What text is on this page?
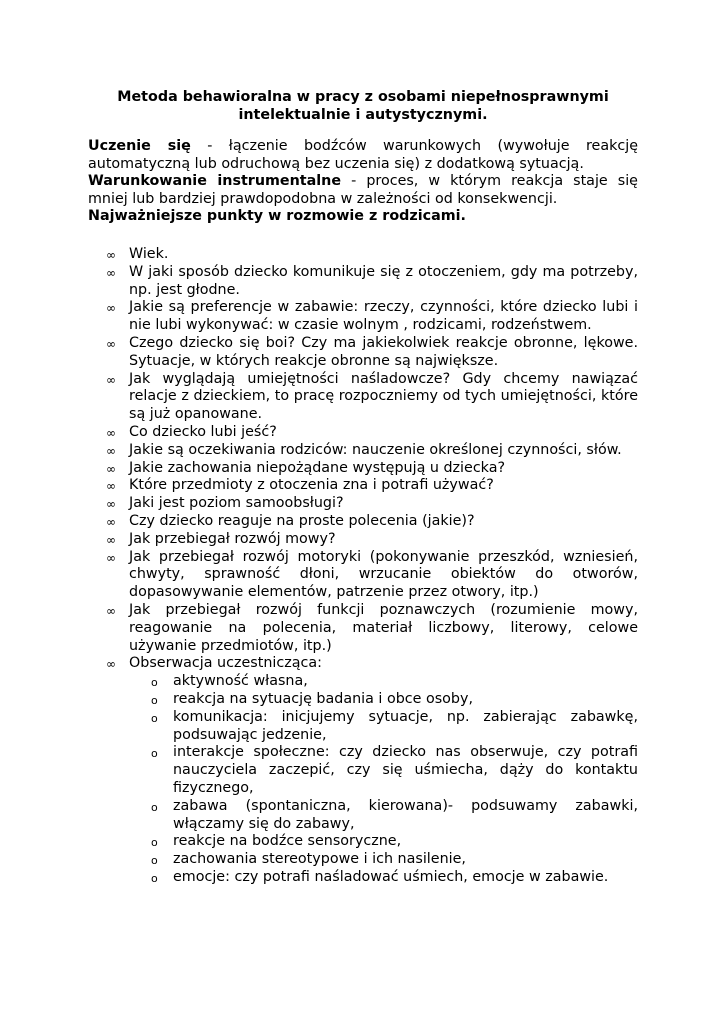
Metoda behawioralna w pracy z osobami niepełnosprawnymi
intelektualnie i autystycznymi.

Uczenie się - łączenie bodźców warunkowych (wywołuje reakcję automatyczną lub odruchową bez uczenia się) z dodatkową sytuacją.

Warunkowanie instrumentalne - proces, w którym reakcja staje się mniej lub bardziej prawdopodobna w zależności od konsekwencji.

Najważniejsze punkty w rozmowie z rodzicami.

∞ Wiek.
∞ W jaki sposób dziecko komunikuje się z otoczeniem, gdy ma potrzeby, np. jest głodne.
∞ Jakie są preferencje w zabawie: rzeczy, czynności, które dziecko lubi i nie lubi wykonywać: w czasie wolnym , rodzicami, rodzeństwem.
∞ Czego dziecko się boi? Czy ma jakiekolwiek reakcje obronne, lękowe. Sytuacje, w których reakcje obronne są największe.
∞ Jak wyglądają umiejętności naśladowcze? Gdy chcemy nawiązać relacje z dzieckiem, to pracę rozpoczniemy od tych umiejętności, które są już opanowane.
∞ Co dziecko lubi jeść?
∞ Jakie są oczekiwania rodziców: nauczenie określonej czynności, słów.
∞ Jakie zachowania niepożądane występują u dziecka?
∞ Które przedmioty z otoczenia zna i potrafi używać?
∞ Jaki jest poziom samoobsługi?
∞ Czy dziecko reaguje na proste polecenia (jakie)?
∞ Jak przebiegał rozwój mowy?
∞ Jak przebiegał rozwój motoryki (pokonywanie przeszkód, wzniesień, chwyty, sprawność dłoni, wrzucanie obiektów do otworów, dopasowywanie elementów, patrzenie przez otwory, itp.)
∞ Jak przebiegał rozwój funkcji poznawczych (rozumienie mowy, reagowanie na polecenia, materiał liczbowy, literowy, celowe używanie przedmiotów, itp.)
∞ Obserwacja uczestnicząca:
o aktywność własna,
o reakcja na sytuację badania i obce osoby,
o komunikacja: inicjujemy sytuacje, np. zabierając zabawkę, podsuwając jedzenie,
o interakcje społeczne: czy dziecko nas obserwuje, czy potrafi nauczyciela zaczepić, czy się uśmiecha, dąży do kontaktu fizycznego,
o zabawa (spontaniczna, kierowana)- podsuwamy zabawki, włączamy się do zabawy,
o reakcje na bodźce sensoryczne,
o zachowania stereotypowe i ich nasilenie,
o emocje: czy potrafi naśladować uśmiech, emocje w zabawie.
